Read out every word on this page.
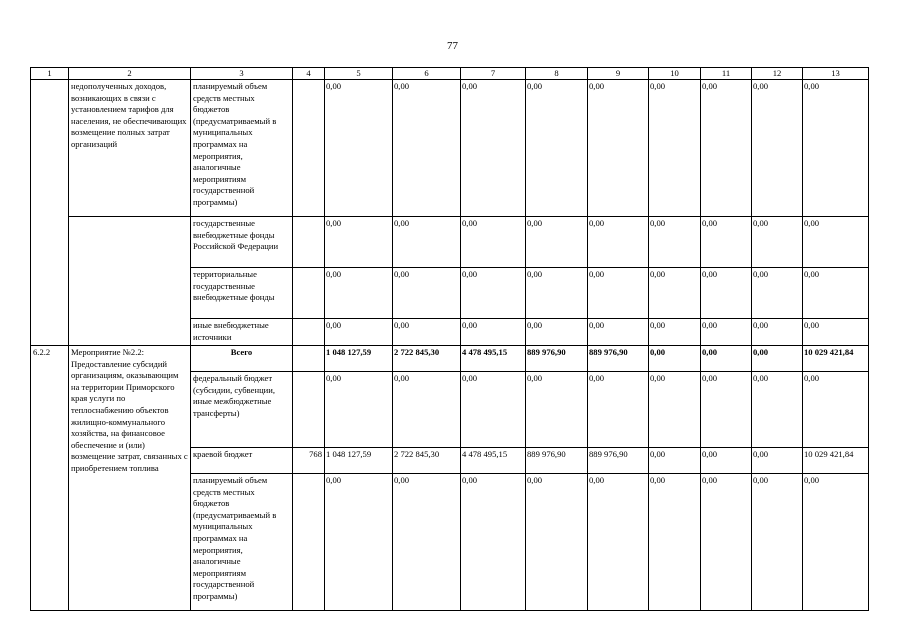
77
1	2	3	4	5	6	7	8	9	10	11	12	13
	недополученных доходов, возникающих в связи с установлением тарифов для населения, не обеспечивающих возмещение полных затрат организаций	планируемый объем средств местных бюджетов (предусматриваемый в муниципальных программах на мероприятия, аналогичные мероприятиям государственной программы)		0,00	0,00	0,00	0,00	0,00	0,00	0,00	0,00	0,00
		государственные внебюджетные фонды Российской Федерации		0,00	0,00	0,00	0,00	0,00	0,00	0,00	0,00	0,00
		территориальные государственные внебюджетные фонды		0,00	0,00	0,00	0,00	0,00	0,00	0,00	0,00	0,00
		иные внебюджетные источники		0,00	0,00	0,00	0,00	0,00	0,00	0,00	0,00	0,00
6.2.2	Мероприятие №2.2: Предоставление субсидий организациям, оказывающим на территории Приморского края услуги по теплоснабжению объектов жилищно-коммунального хозяйства, на финансовое обеспечение и (или) возмещение затрат, связанных с приобретением топлива	Всего		1 048 127,59	2 722 845,30	4 478 495,15	889 976,90	889 976,90	0,00	0,00	0,00	10 029 421,84
		федеральный бюджет (субсидии, субвенции, иные межбюджетные трансферты)		0,00	0,00	0,00	0,00	0,00	0,00	0,00	0,00	0,00
		краевой бюджет	768	1 048 127,59	2 722 845,30	4 478 495,15	889 976,90	889 976,90	0,00	0,00	0,00	10 029 421,84
		планируемый объем средств местных бюджетов (предусматриваемый в муниципальных программах на мероприятия, аналогичные мероприятиям государственной программы)		0,00	0,00	0,00	0,00	0,00	0,00	0,00	0,00	0,00
